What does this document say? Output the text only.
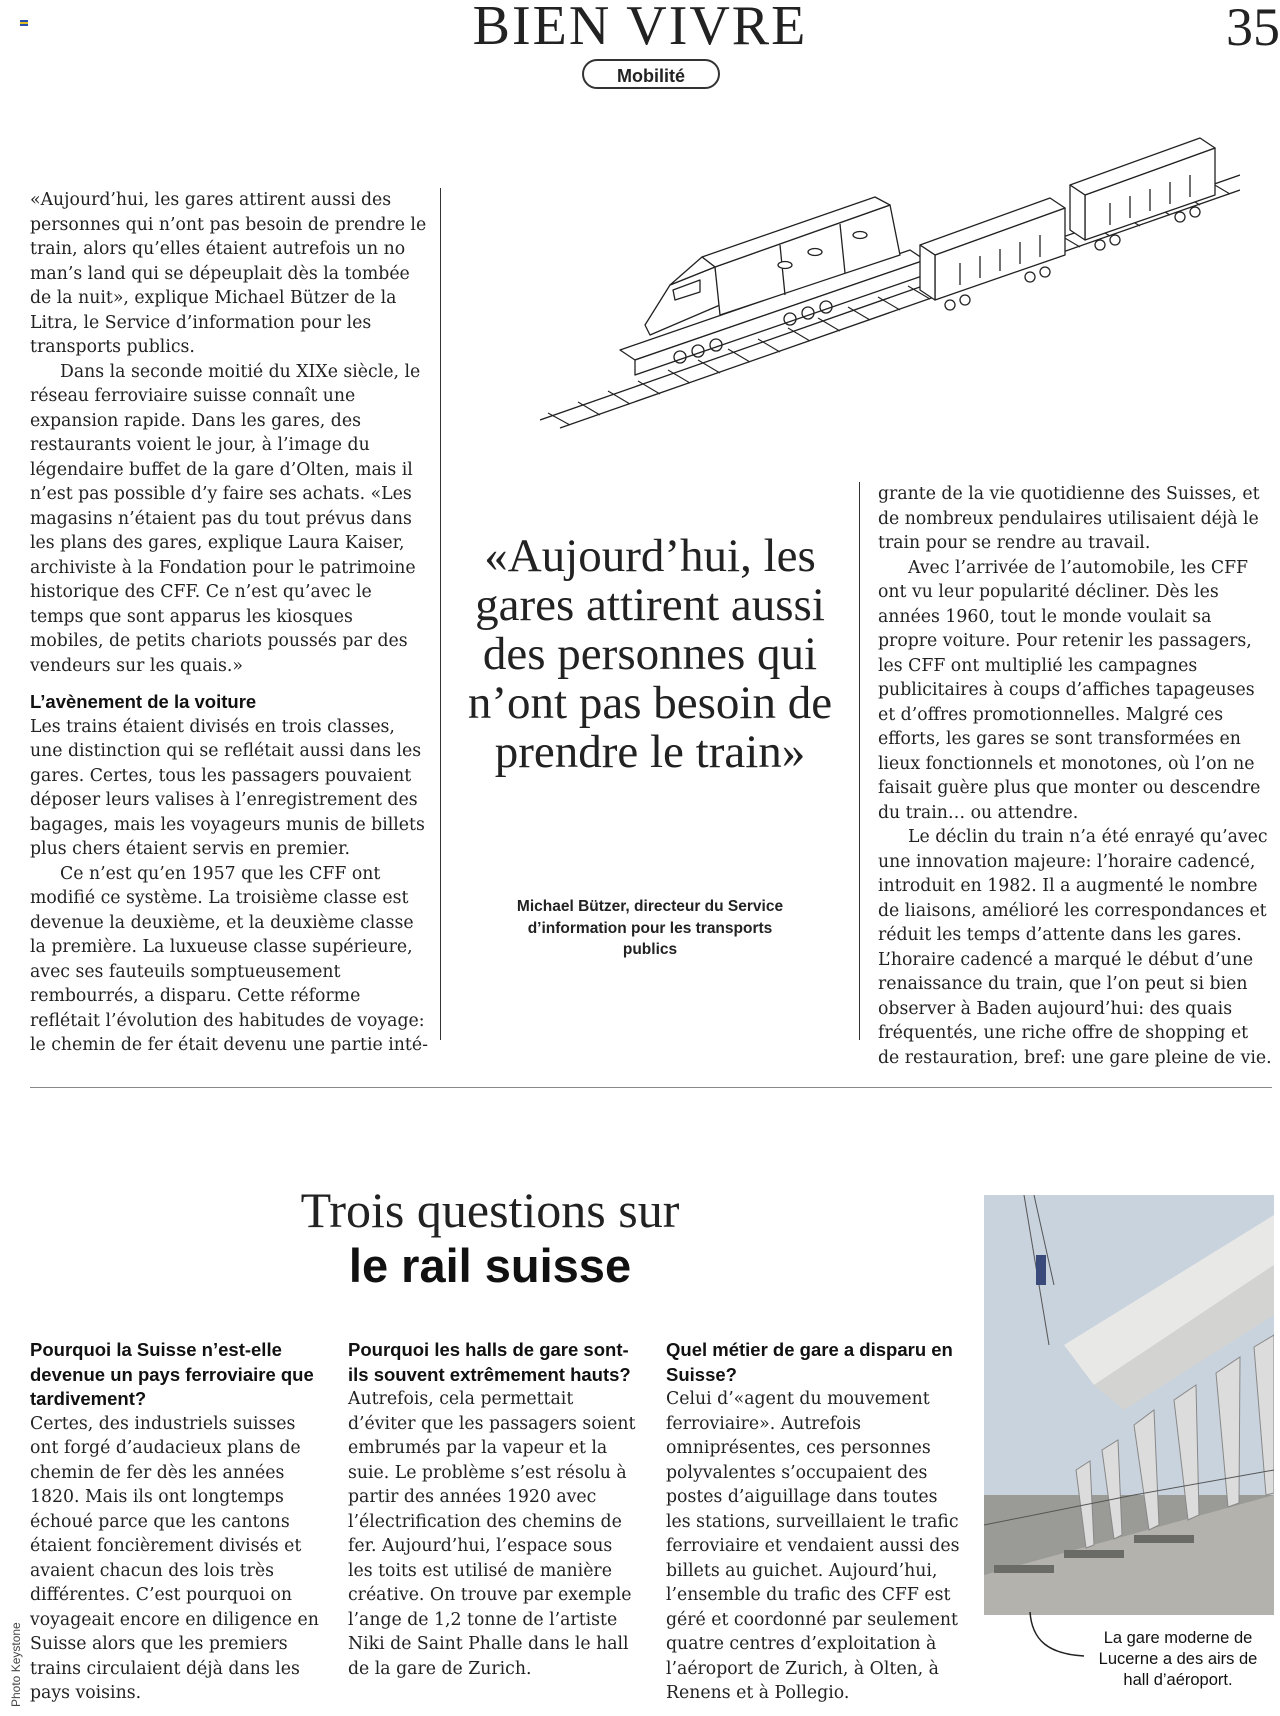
BIEN VIVRE	35
Mobilité

«Aujourd’hui, les gares attirent aussi des personnes qui n’ont pas besoin de prendre le train, alors qu’elles étaient autrefois un no man’s land qui se dépeuplait dès la tombée de la nuit», explique Michael Bützer de la Litra, le Service d’information pour les transports publics.

Dans la seconde moitié du XIXe siècle, le réseau ferroviaire suisse connaît une expansion rapide. Dans les gares, des restaurants voient le jour, à l’image du légendaire buffet de la gare d’Olten, mais il n’est pas possible d’y faire ses achats. «Les magasins n’étaient pas du tout prévus dans les plans des gares, explique Laura Kaiser, archiviste à la Fondation pour le patrimoine historique des CFF. Ce n’est qu’avec le temps que sont apparus les kiosques mobiles, de petits chariots poussés par des vendeurs sur les quais.»

L’avènement de la voiture

Les trains étaient divisés en trois classes, une distinction qui se reflétait aussi dans les gares. Certes, tous les passagers pouvaient déposer leurs valises à l’enregistrement des bagages, mais les voyageurs munis de billets plus chers étaient servis en premier.

Ce n’est qu’en 1957 que les CFF ont modifié ce système. La troisième classe est devenue la deuxième, et la deuxième classe la première. La luxueuse classe supérieure, avec ses fauteuils somptueusement rembourrés, a disparu. Cette réforme reflétait l’évolution des habitudes de voyage: le chemin de fer était devenu une partie inté-

«Aujourd’hui, les gares attirent aussi des personnes qui n’ont pas besoin de prendre le train»
Michael Bützer, directeur du Service d’information pour les transports publics

grante de la vie quotidienne des Suisses, et de nombreux pendulaires utilisaient déjà le train pour se rendre au travail.

Avec l’arrivée de l’automobile, les CFF ont vu leur popularité décliner. Dès les années 1960, tout le monde voulait sa propre voiture. Pour retenir les passagers, les CFF ont multiplié les campagnes publicitaires à coups d’affiches tapageuses et d’offres promotionnelles. Malgré ces efforts, les gares se sont transformées en lieux fonctionnels et monotones, où l’on ne faisait guère plus que monter ou descendre du train… ou attendre.

Le déclin du train n’a été enrayé qu’avec une innovation majeure: l’horaire cadencé, introduit en 1982. Il a augmenté le nombre de liaisons, amélioré les correspondances et réduit les temps d’attente dans les gares. L’horaire cadencé a marqué le début d’une renaissance du train, que l’on peut si bien observer à Baden aujourd’hui: des quais fréquentés, une riche offre de shopping et de restauration, bref: une gare pleine de vie.

Trois questions sur
le rail suisse
Pourquoi la Suisse n’est-elle devenue un pays ferroviaire que tardivement?

Certes, des industriels suisses ont forgé d’audacieux plans de chemin de fer dès les années 1820. Mais ils ont longtemps échoué parce que les cantons étaient foncièrement divisés et avaient chacun des lois très différentes. C’est pourquoi on voyageait encore en diligence en Suisse alors que les premiers trains circulaient déjà dans les pays voisins.

Pourquoi les halls de gare sont-ils souvent extrêmement hauts?

Autrefois, cela permettait d’éviter que les passagers soient embrumés par la vapeur et la suie. Le problème s’est résolu à partir des années 1920 avec l’électrification des chemins de fer. Aujourd’hui, l’espace sous les toits est utilisé de manière créative. On trouve par exemple l’ange de 1,2 tonne de l’artiste Niki de Saint Phalle dans le hall de la gare de Zurich.

Quel métier de gare a disparu en Suisse?

Celui d’«agent du mouvement ferroviaire». Autrefois omniprésentes, ces personnes polyvalentes s’occupaient des postes d’aiguillage dans toutes les stations, surveillaient le trafic ferroviaire et vendaient aussi des billets au guichet. Aujourd’hui, l’ensemble du trafic des CFF est géré et coordonné par seulement quatre centres d’exploitation à l’aéroport de Zurich, à Olten, à Renens et à Pollegio.

La gare moderne de Lucerne a des airs de hall d’aéroport.
Photo Keystone
